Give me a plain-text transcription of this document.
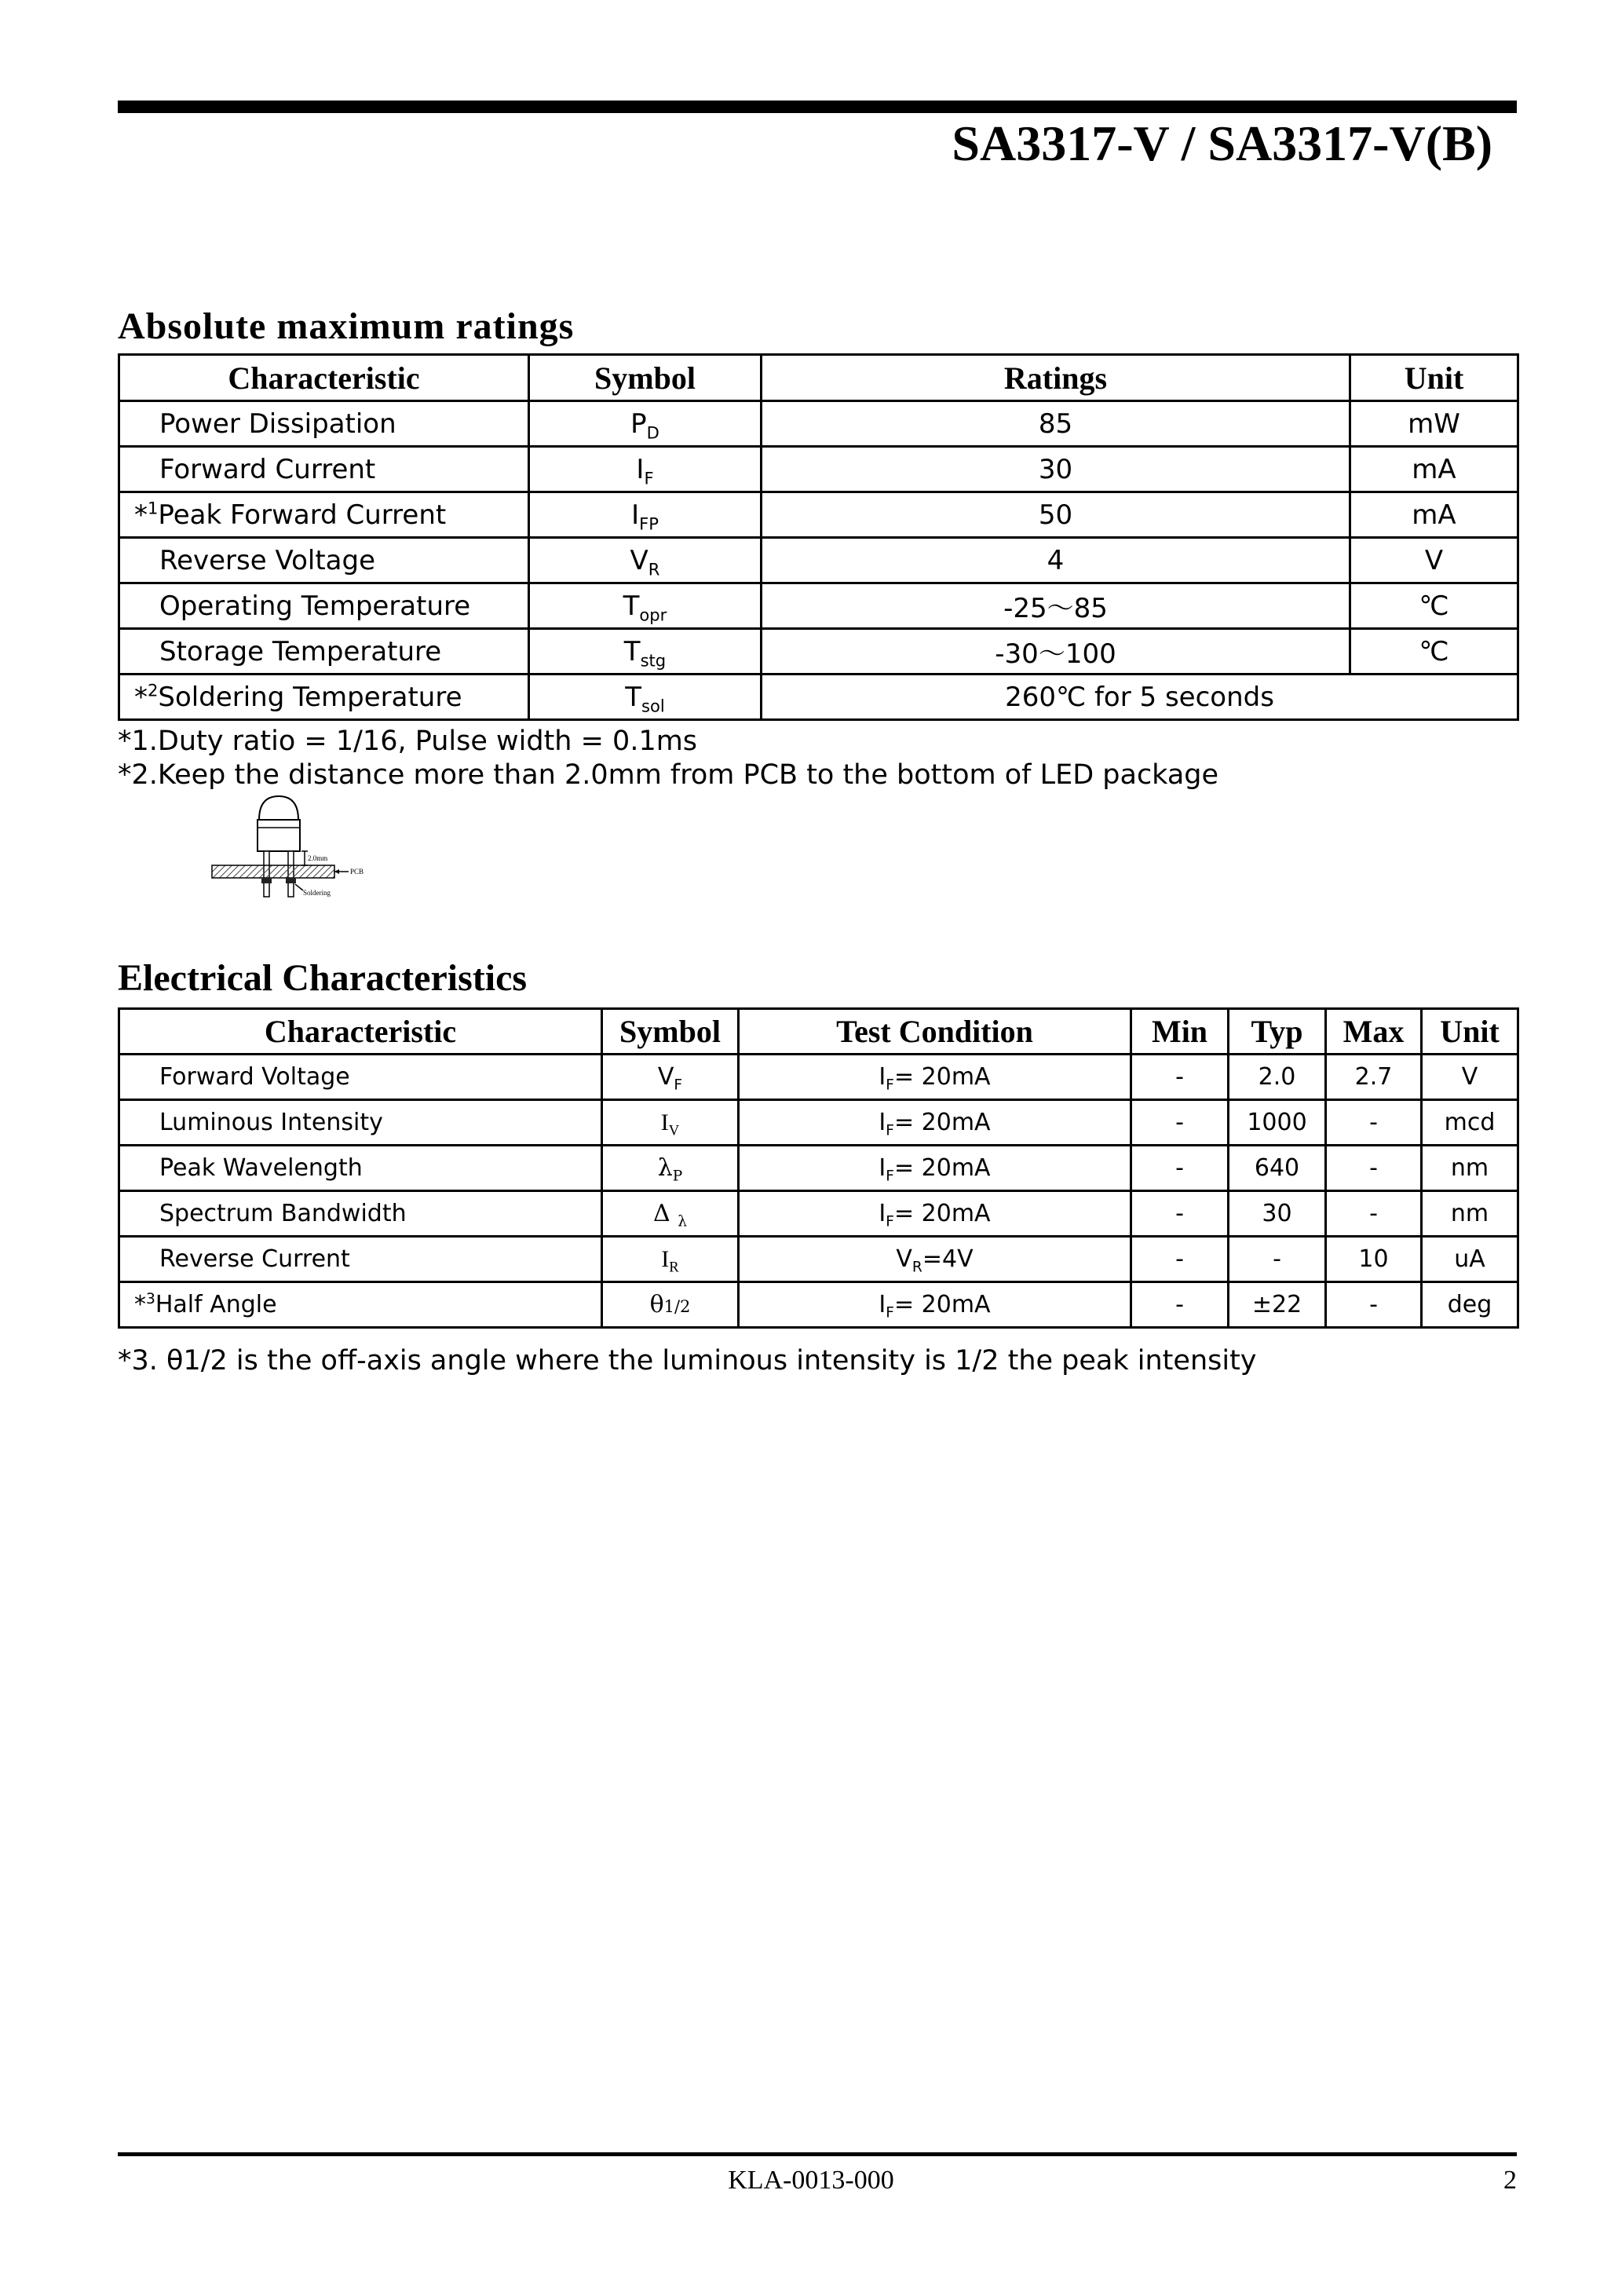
SA3317-V / SA3317-V(B)
Absolute maximum ratings
Characteristic	Symbol	Ratings	Unit
Power Dissipation	$P_D$	85	mW
Forward Current	$I_F$	30	mA
*$^1$Peak Forward Current	$I_{FP}$	50	mA
Reverse Voltage	$V_R$	4	V
Operating Temperature	$T_{opr}$	-25～85	℃
Storage Temperature	$T_{stg}$	-30～100	℃
*$^2$Soldering Temperature	$T_{sol}$	260℃ for 5 seconds	
*1.Duty ratio = 1/16, Pulse width = 0.1ms
*2.Keep the distance more than 2.0mm from PCB to the bottom of LED package
2.0mm
PCB
Soldering
Electrical Characteristics
Characteristic	Symbol	Test Condition	Min	Typ	Max	Unit
Forward Voltage	$V_F$	$I_F= 20mA$	-	2.0	2.7	V
Luminous Intensity	$I_V$	$I_F= 20mA$	-	1000	-	mcd
Peak Wavelength	$\lambda_P$	$I_F= 20mA$	-	640	-	nm
Spectrum Bandwidth	Δ $_\lambda$	$I_F= 20mA$	-	30	-	nm
Reverse Current	$I_R$	$V_R=4V$	-	-	10	uA
*$^3$Half Angle	θ1/2	$I_F= 20mA$	-	±22	-	deg
*3. θ1/2 is the off-axis angle where the luminous intensity is 1/2 the peak intensity
KLA-0013-000	2
